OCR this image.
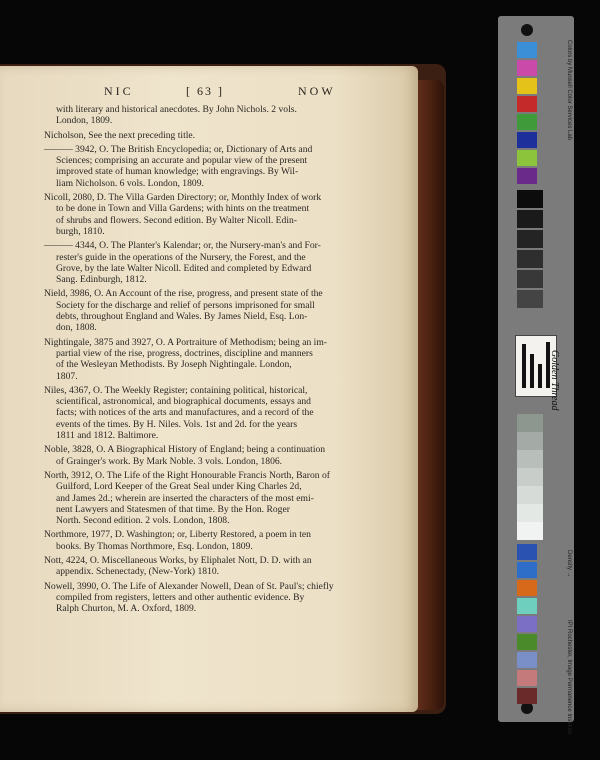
NIC	[ 63 ]	NOW
with literary and historical anecdotes. By John Nichols. 2 vols.
London, 1809.
Nicholson, See the next preceding title.
——— 3942, O. The British Encyclopedia; or, Dictionary of Arts and
Sciences; comprising an accurate and popular view of the present
improved state of human knowledge; with engravings. By Wil-
liam Nicholson. 6 vols. London, 1809.
Nicoll, 2080, D. The Villa Garden Directory; or, Monthly Index of work
to be done in Town and Villa Gardens; with hints on the treatment
of shrubs and flowers. Second edition. By Walter Nicoll. Edin-
burgh, 1810.
——— 4344, O. The Planter's Kalendar; or, the Nursery-man's and For-
rester's guide in the operations of the Nursery, the Forest, and the
Grove, by the late Walter Nicoll. Edited and completed by Edward
Sang. Edinburgh, 1812.
Nield, 3986, O. An Account of the rise, progress, and present state of the
Society for the discharge and relief of persons imprisoned for small
debts, throughout England and Wales. By James Nield, Esq. Lon-
don, 1808.
Nightingale, 3875 and 3927, O. A Portraiture of Methodism; being an im-
partial view of the rise, progress, doctrines, discipline and manners
of the Wesleyan Methodists. By Joseph Nightingale. London,
1807.
Niles, 4367, O. The Weekly Register; containing political, historical,
scientifical, astronomical, and biographical documents, essays and
facts; with notices of the arts and manufactures, and a record of the
events of the times. By H. Niles. Vols. 1st and 2d. for the years
1811 and 1812. Baltimore.
Noble, 3828, O. A Biographical History of England; being a continuation
of Grainger's work. By Mark Noble. 3 vols. London, 1806.
North, 3912, O. The Life of the Right Honourable Francis North, Baron of
Guilford, Lord Keeper of the Great Seal under King Charles 2d,
and James 2d.; wherein are inserted the characters of the most emi-
nent Lawyers and Statesmen of that time. By the Hon. Roger
North. Second edition. 2 vols. London, 1808.
Northmore, 1977, D. Washington; or, Liberty Restored, a poem in ten
books. By Thomas Northmore, Esq. London, 1809.
Nott, 4224, O. Miscellaneous Works, by Eliphalet Nott, D. D. with an
appendix. Schenectady, (New-York) 1810.
Nowell, 3990, O. The Life of Alexander Nowell, Dean of St. Paul's; chiefly
compiled from registers, letters and other authentic evidence. By
Ralph Churton, M. A. Oxford, 1809.
Golden Thread
Colors by Munsell Color Services Lab
Density →
IPI Rochester, Image Permanence Institute
